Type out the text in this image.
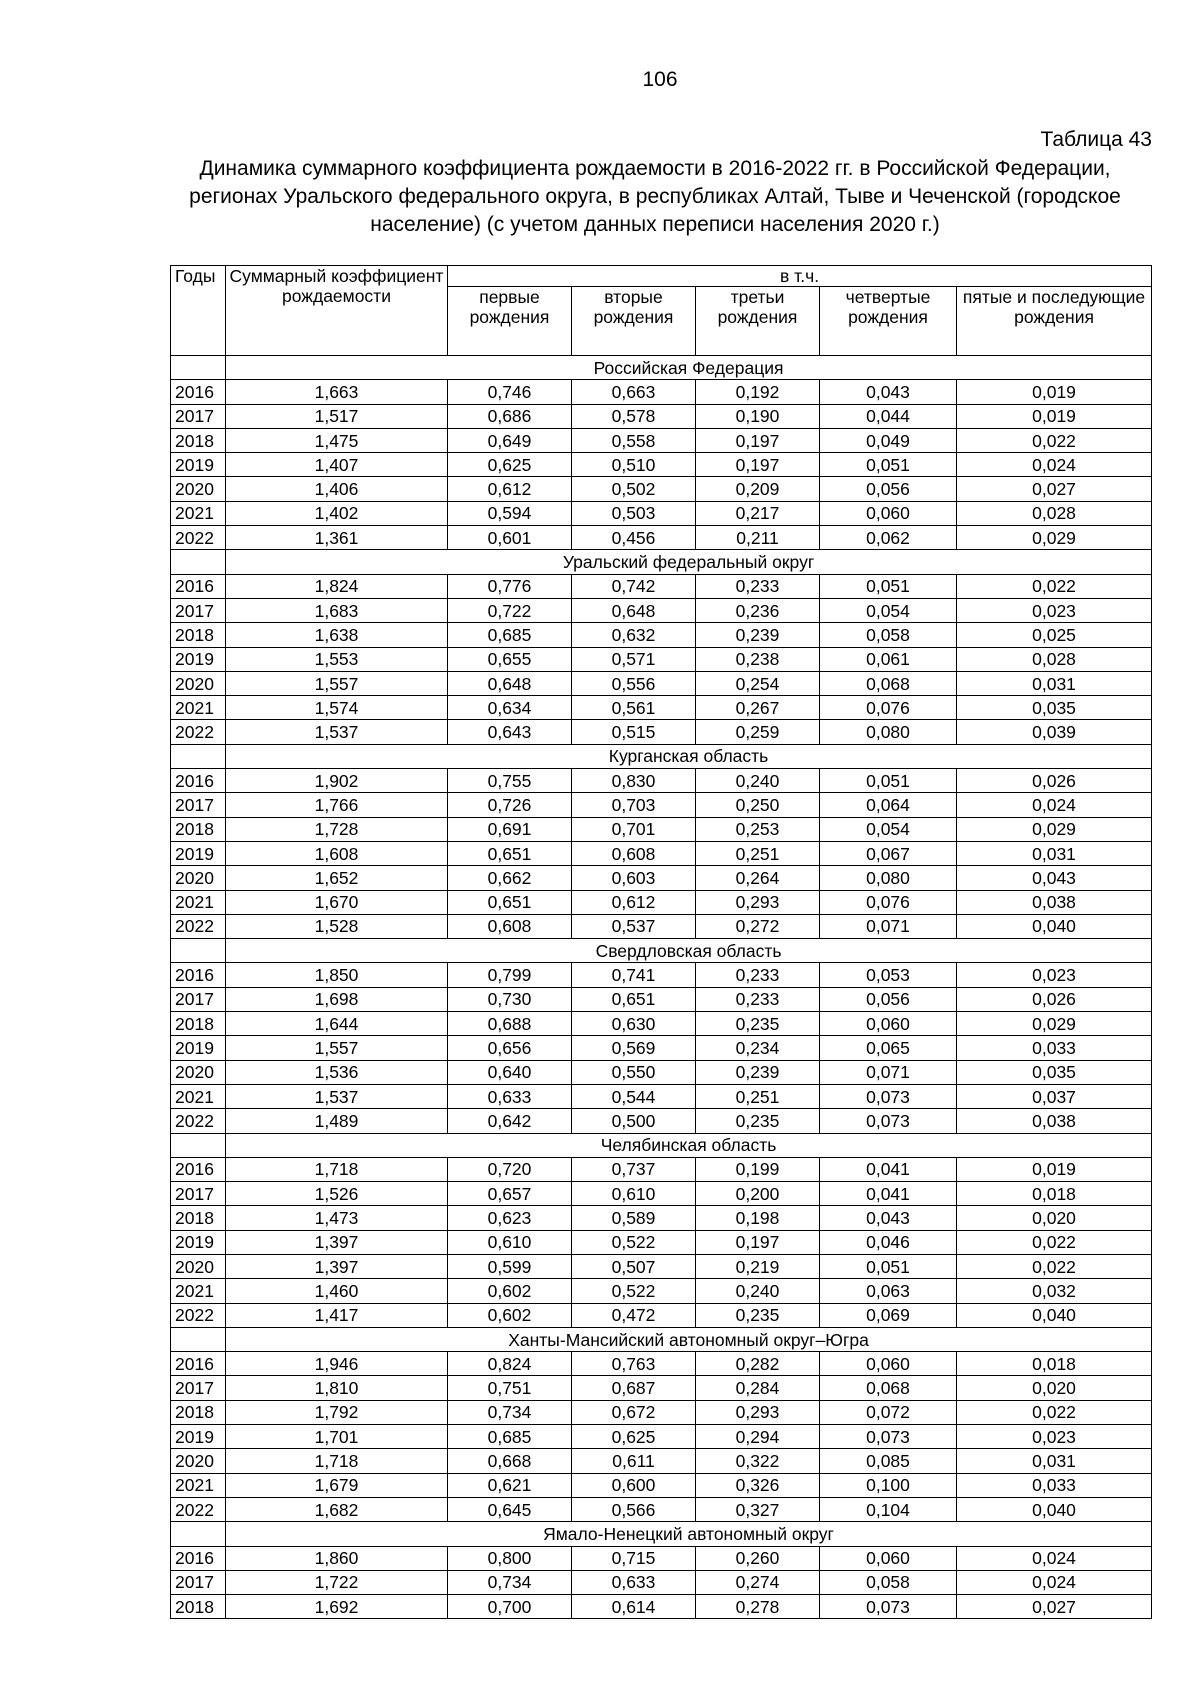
106
Таблица 43
Динамика суммарного коэффициента рождаемости в 2016-2022 гг. в Российской Федерации, регионах Уральского федерального округа, в республиках Алтай, Тыве и Чеченской (городское население) (с учетом данных переписи населения 2020 г.)
Годы	Суммарный коэффициент рождаемости	в т.ч.				
		первые рождения	вторые рождения	третьи рождения	четвертые рождения	пятые и последующие рождения
	Российская Федерация					
2016	1,663	0,746	0,663	0,192	0,043	0,019
2017	1,517	0,686	0,578	0,190	0,044	0,019
2018	1,475	0,649	0,558	0,197	0,049	0,022
2019	1,407	0,625	0,510	0,197	0,051	0,024
2020	1,406	0,612	0,502	0,209	0,056	0,027
2021	1,402	0,594	0,503	0,217	0,060	0,028
2022	1,361	0,601	0,456	0,211	0,062	0,029
	Уральский федеральный округ					
2016	1,824	0,776	0,742	0,233	0,051	0,022
2017	1,683	0,722	0,648	0,236	0,054	0,023
2018	1,638	0,685	0,632	0,239	0,058	0,025
2019	1,553	0,655	0,571	0,238	0,061	0,028
2020	1,557	0,648	0,556	0,254	0,068	0,031
2021	1,574	0,634	0,561	0,267	0,076	0,035
2022	1,537	0,643	0,515	0,259	0,080	0,039
	Курганская область					
2016	1,902	0,755	0,830	0,240	0,051	0,026
2017	1,766	0,726	0,703	0,250	0,064	0,024
2018	1,728	0,691	0,701	0,253	0,054	0,029
2019	1,608	0,651	0,608	0,251	0,067	0,031
2020	1,652	0,662	0,603	0,264	0,080	0,043
2021	1,670	0,651	0,612	0,293	0,076	0,038
2022	1,528	0,608	0,537	0,272	0,071	0,040
	Свердловская область					
2016	1,850	0,799	0,741	0,233	0,053	0,023
2017	1,698	0,730	0,651	0,233	0,056	0,026
2018	1,644	0,688	0,630	0,235	0,060	0,029
2019	1,557	0,656	0,569	0,234	0,065	0,033
2020	1,536	0,640	0,550	0,239	0,071	0,035
2021	1,537	0,633	0,544	0,251	0,073	0,037
2022	1,489	0,642	0,500	0,235	0,073	0,038
	Челябинская область					
2016	1,718	0,720	0,737	0,199	0,041	0,019
2017	1,526	0,657	0,610	0,200	0,041	0,018
2018	1,473	0,623	0,589	0,198	0,043	0,020
2019	1,397	0,610	0,522	0,197	0,046	0,022
2020	1,397	0,599	0,507	0,219	0,051	0,022
2021	1,460	0,602	0,522	0,240	0,063	0,032
2022	1,417	0,602	0,472	0,235	0,069	0,040
	Ханты-Мансийский автономный округ–Югра					
2016	1,946	0,824	0,763	0,282	0,060	0,018
2017	1,810	0,751	0,687	0,284	0,068	0,020
2018	1,792	0,734	0,672	0,293	0,072	0,022
2019	1,701	0,685	0,625	0,294	0,073	0,023
2020	1,718	0,668	0,611	0,322	0,085	0,031
2021	1,679	0,621	0,600	0,326	0,100	0,033
2022	1,682	0,645	0,566	0,327	0,104	0,040
	Ямало-Ненецкий автономный округ					
2016	1,860	0,800	0,715	0,260	0,060	0,024
2017	1,722	0,734	0,633	0,274	0,058	0,024
2018	1,692	0,700	0,614	0,278	0,073	0,027
